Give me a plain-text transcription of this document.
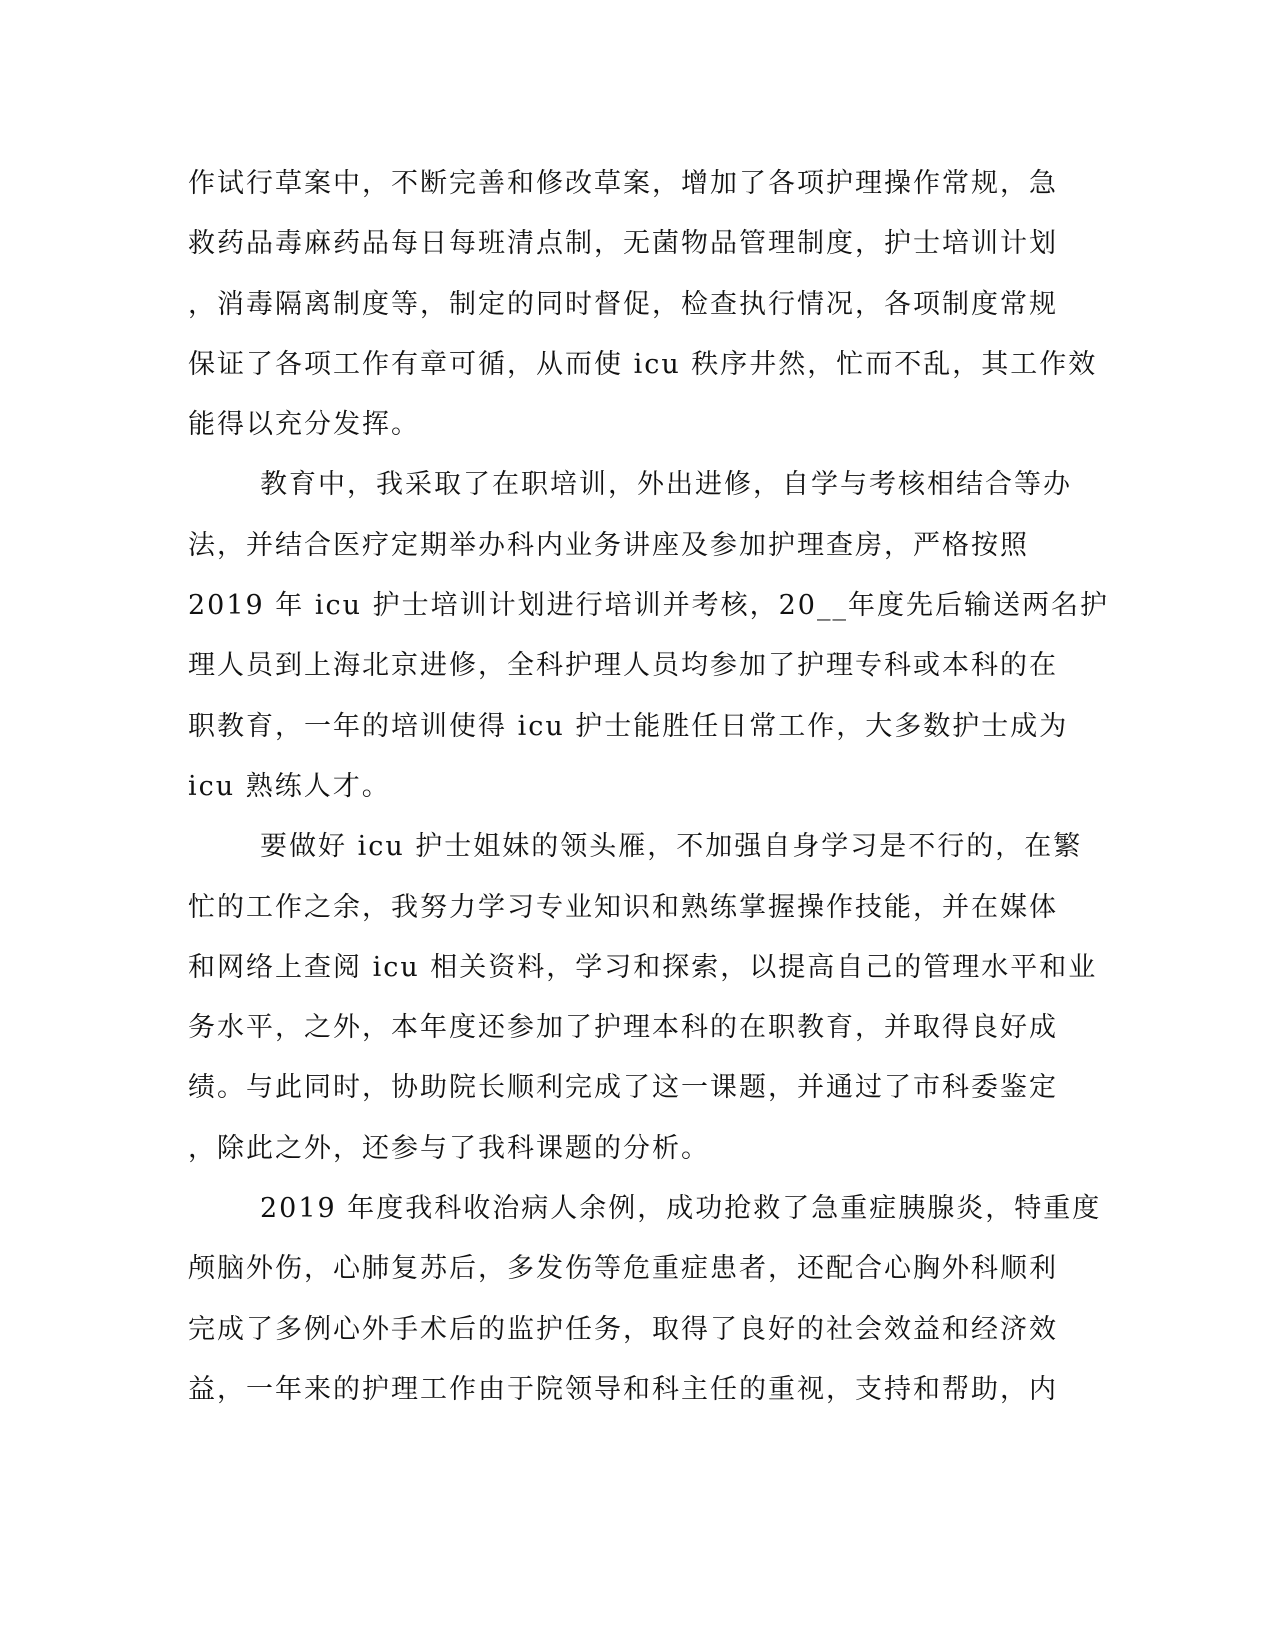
作试行草案中，不断完善和修改草案，增加了各项护理操作常规，急
救药品毒麻药品每日每班清点制，无菌物品管理制度，护士培训计划
，消毒隔离制度等，制定的同时督促，检查执行情况，各项制度常规
保证了各项工作有章可循，从而使 icu 秩序井然，忙而不乱，其工作效
能得以充分发挥。
教育中，我采取了在职培训，外出进修，自学与考核相结合等办
法，并结合医疗定期举办科内业务讲座及参加护理查房，严格按照
2019 年 icu 护士培训计划进行培训并考核，20__年度先后输送两名护
理人员到上海北京进修，全科护理人员均参加了护理专科或本科的在
职教育，一年的培训使得 icu 护士能胜任日常工作，大多数护士成为
icu 熟练人才。
要做好 icu 护士姐妹的领头雁，不加强自身学习是不行的，在繁
忙的工作之余，我努力学习专业知识和熟练掌握操作技能，并在媒体
和网络上查阅 icu 相关资料，学习和探索，以提高自己的管理水平和业
务水平，之外，本年度还参加了护理本科的在职教育，并取得良好成
绩。与此同时，协助院长顺利完成了这一课题，并通过了市科委鉴定
，除此之外，还参与了我科课题的分析。
2019 年度我科收治病人余例，成功抢救了急重症胰腺炎，特重度
颅脑外伤，心肺复苏后，多发伤等危重症患者，还配合心胸外科顺利
完成了多例心外手术后的监护任务，取得了良好的社会效益和经济效
益，一年来的护理工作由于院领导和科主任的重视，支持和帮助，内
